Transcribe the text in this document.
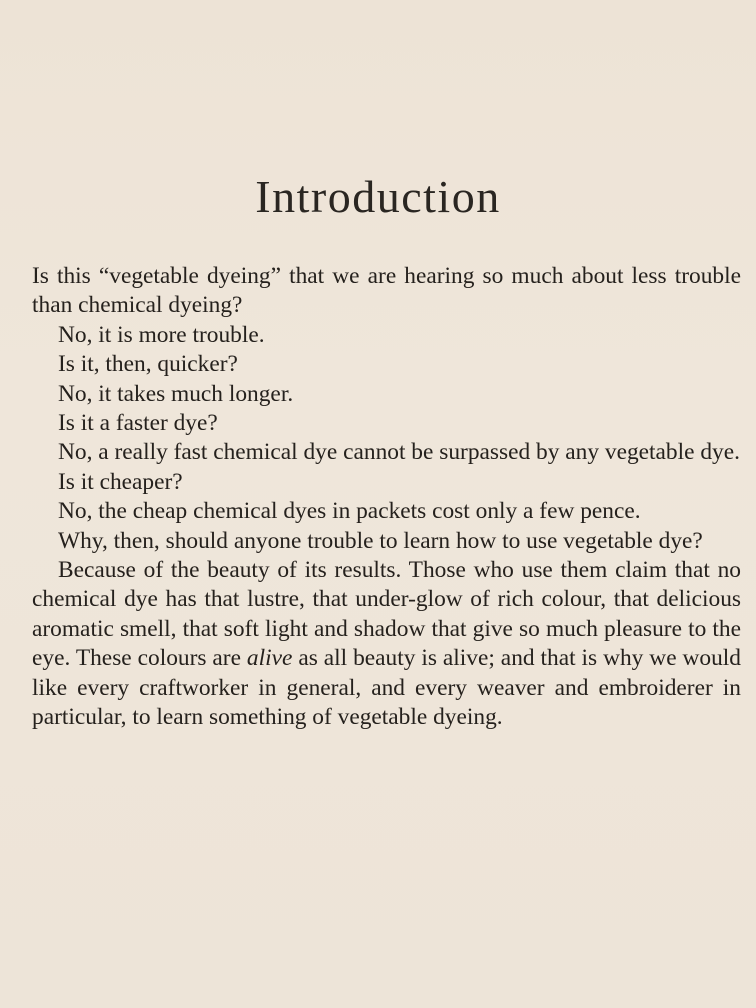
Introduction

Is this “vegetable dyeing” that we are hearing so much about less trouble than chemical dyeing?

No, it is more trouble.

Is it, then, quicker?

No, it takes much longer.

Is it a faster dye?

No, a really fast chemical dye cannot be surpassed by any vegetable dye.

Is it cheaper?

No, the cheap chemical dyes in packets cost only a few pence.

Why, then, should anyone trouble to learn how to use vegetable dye?

Because of the beauty of its results. Those who use them claim that no chemical dye has that lustre, that under-glow of rich colour, that delicious aromatic smell, that soft light and shadow that give so much pleasure to the eye. These colours are alive as all beauty is alive; and that is why we would like every craftworker in general, and every weaver and embroiderer in particular, to learn something of vegetable dyeing.
